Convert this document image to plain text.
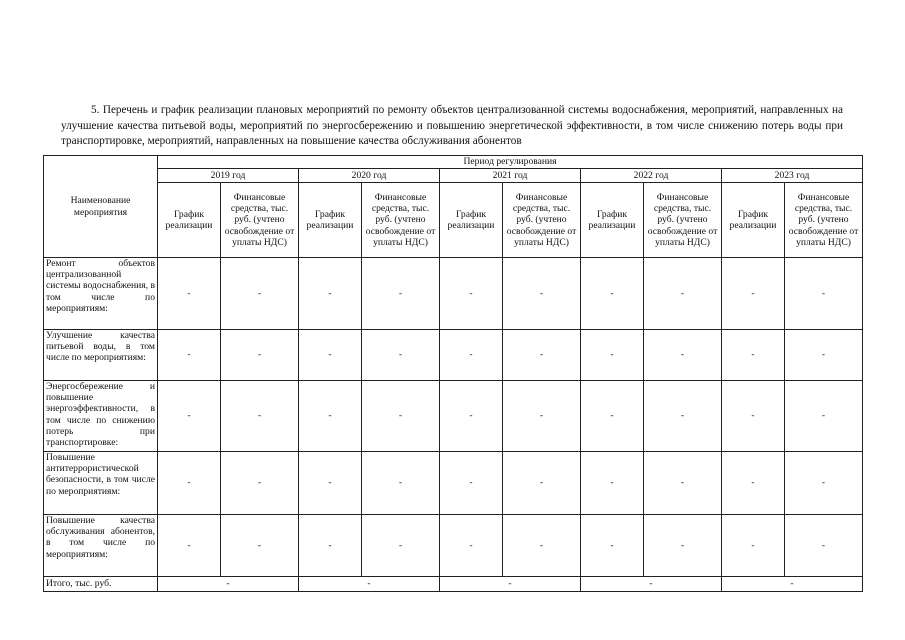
5. Перечень и график реализации плановых мероприятий по ремонту объектов централизованной системы водоснабжения, мероприятий, направленных на улучшение качества питьевой воды, мероприятий по энергосбережению и повышению энергетической эффективности, в том числе снижению потерь воды при транспортировке, мероприятий, направленных на повышение качества обслуживания абонентов

Наименование мероприятия	Период регулирования									
	2019 год		2020 год		2021 год		2022 год		2023 год	
	График реализации	Финансовые средства, тыс. руб. (учтено освобождение от уплаты НДС)	График реализации	Финансовые средства, тыс. руб. (учтено освобождение от уплаты НДС)	График реализации	Финансовые средства, тыс. руб. (учтено освобождение от уплаты НДС)	График реализации	Финансовые средства, тыс. руб. (учтено освобождение от уплаты НДС)	График реализации	Финансовые средства, тыс. руб. (учтено освобождение от уплаты НДС)
Ремонт объектов централизованной системы водоснабжения, в том числе по мероприятиям:	-	-	-	-	-	-	-	-	-	-
Улучшение качества питьевой воды, в том числе по мероприятиям:	-	-	-	-	-	-	-	-	-	-
Энергосбережение и повышение энергоэффективности, в том числе по снижению потерь при транспортировке:	-	-	-	-	-	-	-	-	-	-
Повышение антитеррористической безопасности, в том числе по мероприятиям:	-	-	-	-	-	-	-	-	-	-
Повышение качества обслуживания абонентов, в том числе по мероприятиям:	-	-	-	-	-	-	-	-	-	-
Итого, тыс. руб.	-		-		-		-		-	
